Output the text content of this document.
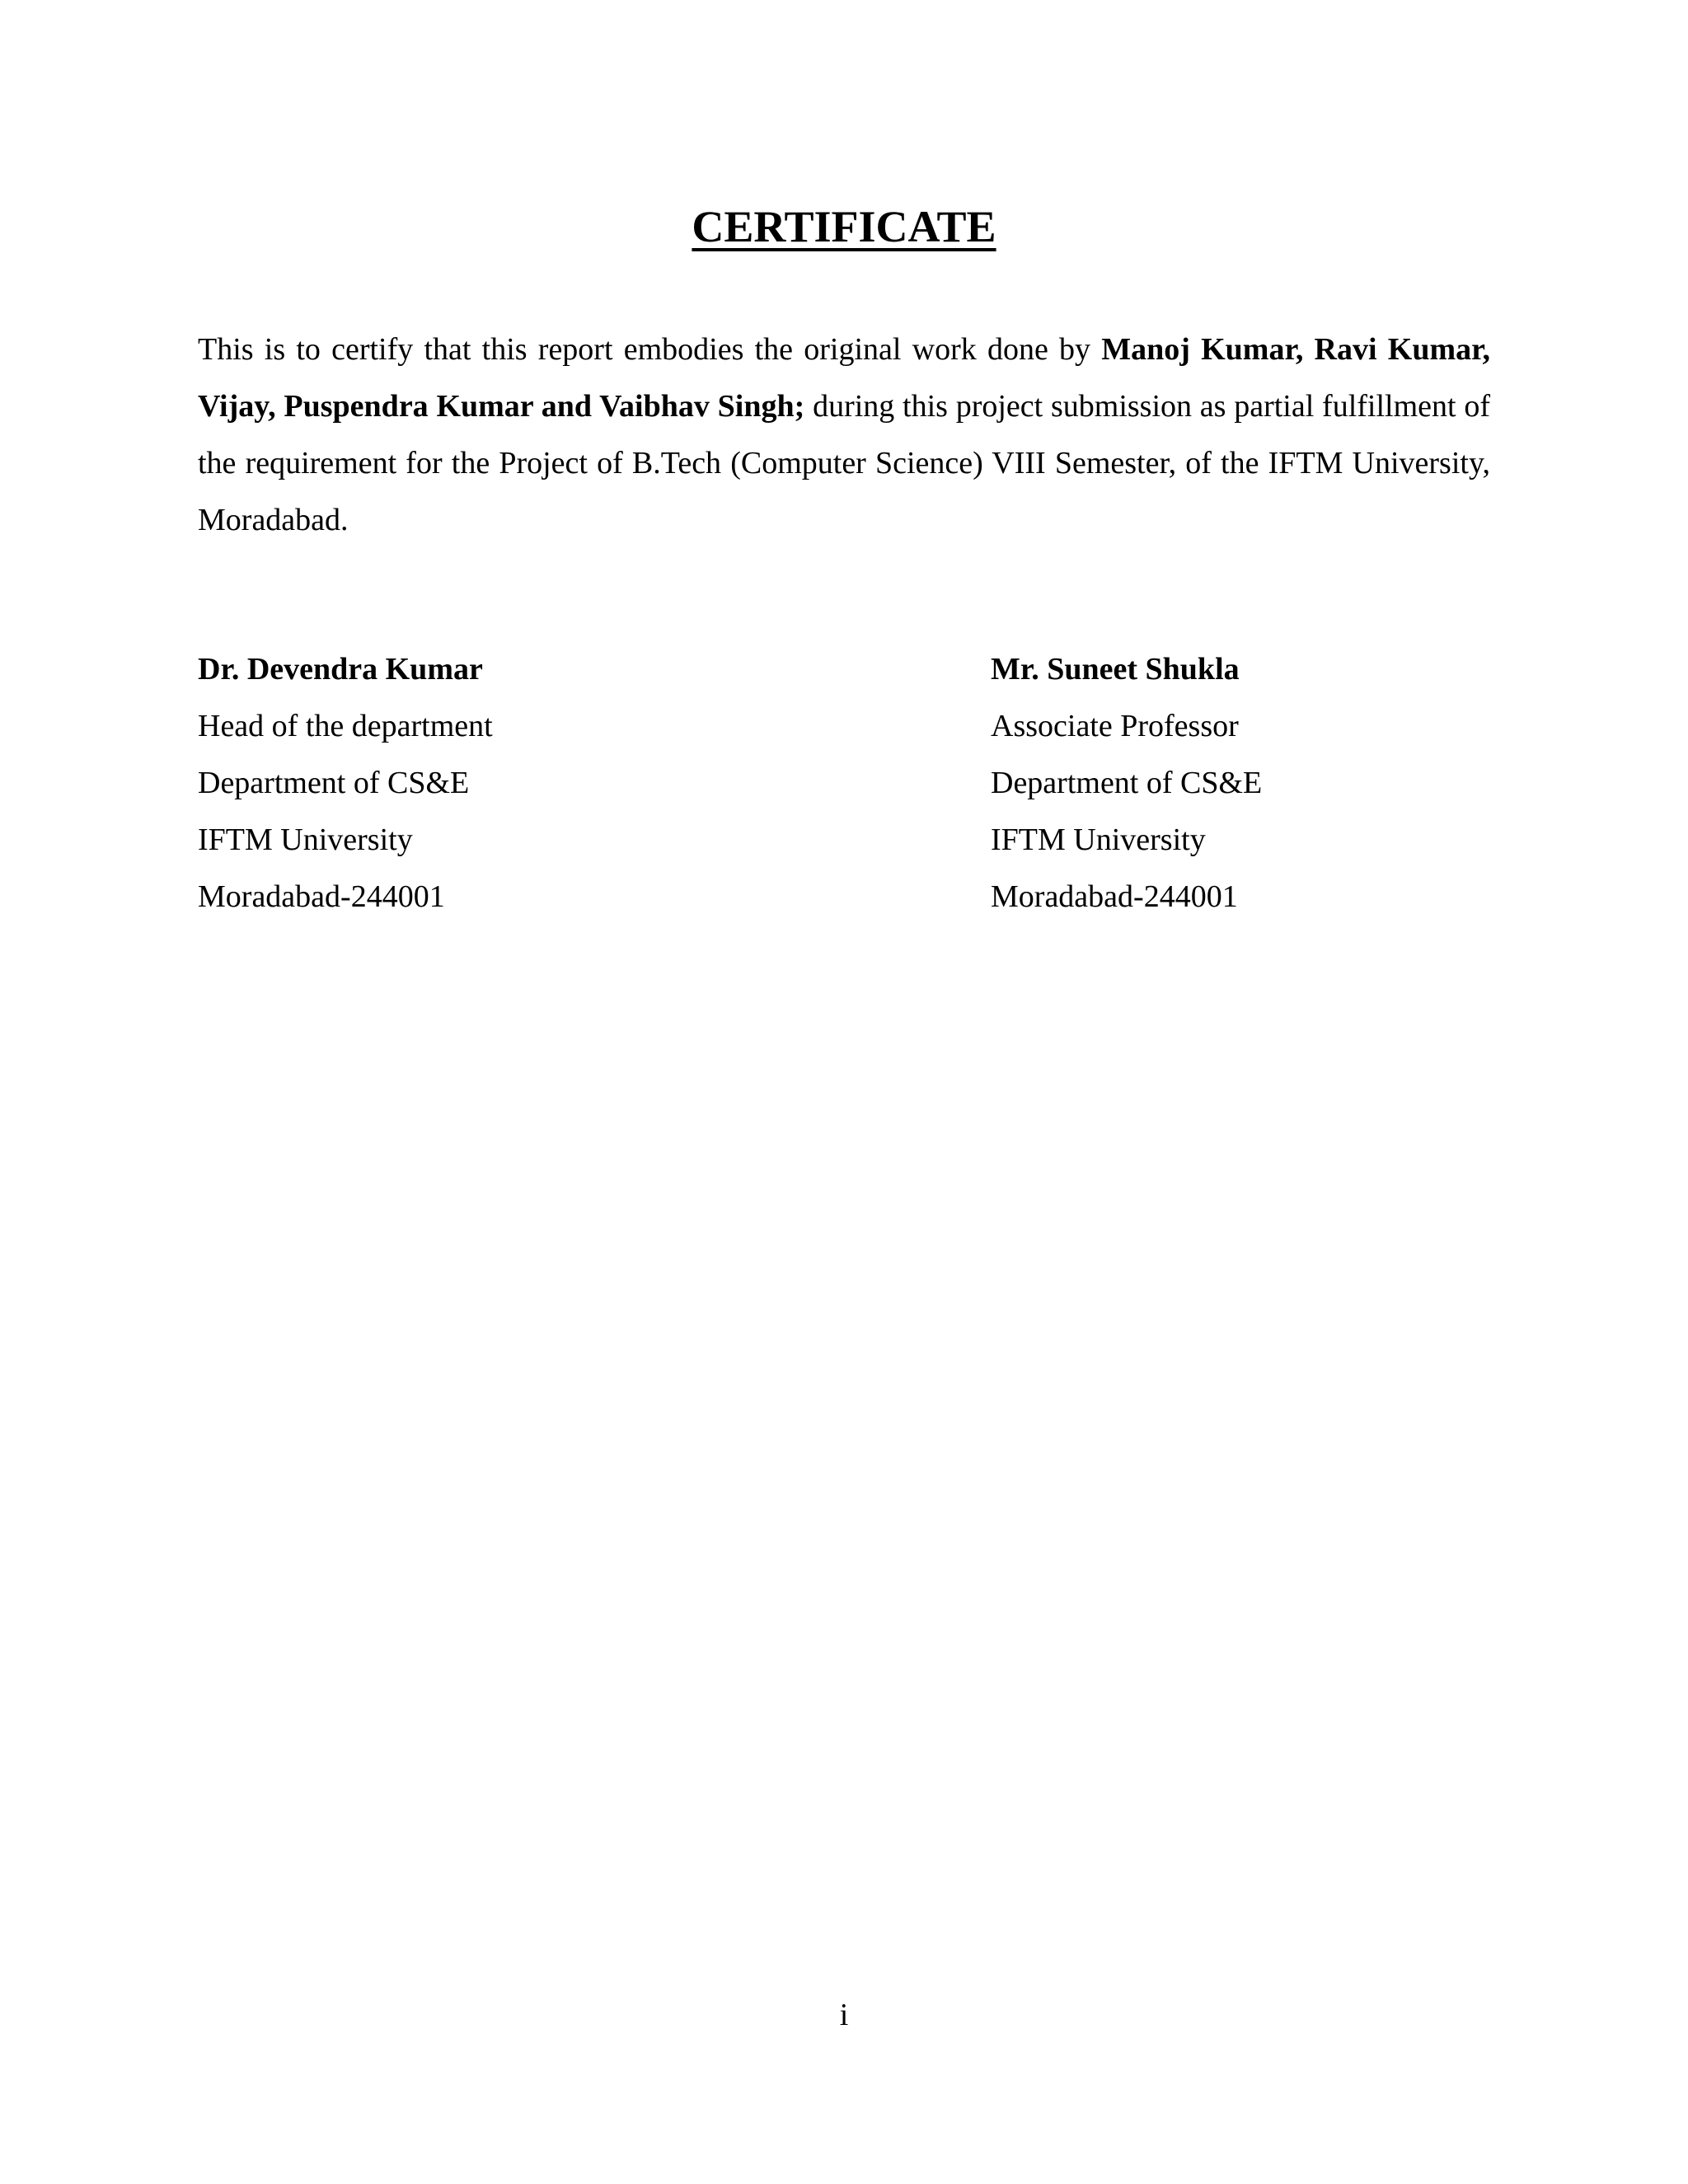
CERTIFICATE

This is to certify that this report embodies the original work done by Manoj Kumar, Ravi Kumar, Vijay, Puspendra Kumar and Vaibhav Singh; during this project submission as partial fulfillment of the requirement for the Project of B.Tech (Computer Science) VIII Semester, of the IFTM University, Moradabad.

Dr. Devendra Kumar
Head of the department
Department of CS&E
IFTM University
Moradabad-244001
Mr. Suneet Shukla
Associate Professor
Department of CS&E
IFTM University
Moradabad-244001
i
